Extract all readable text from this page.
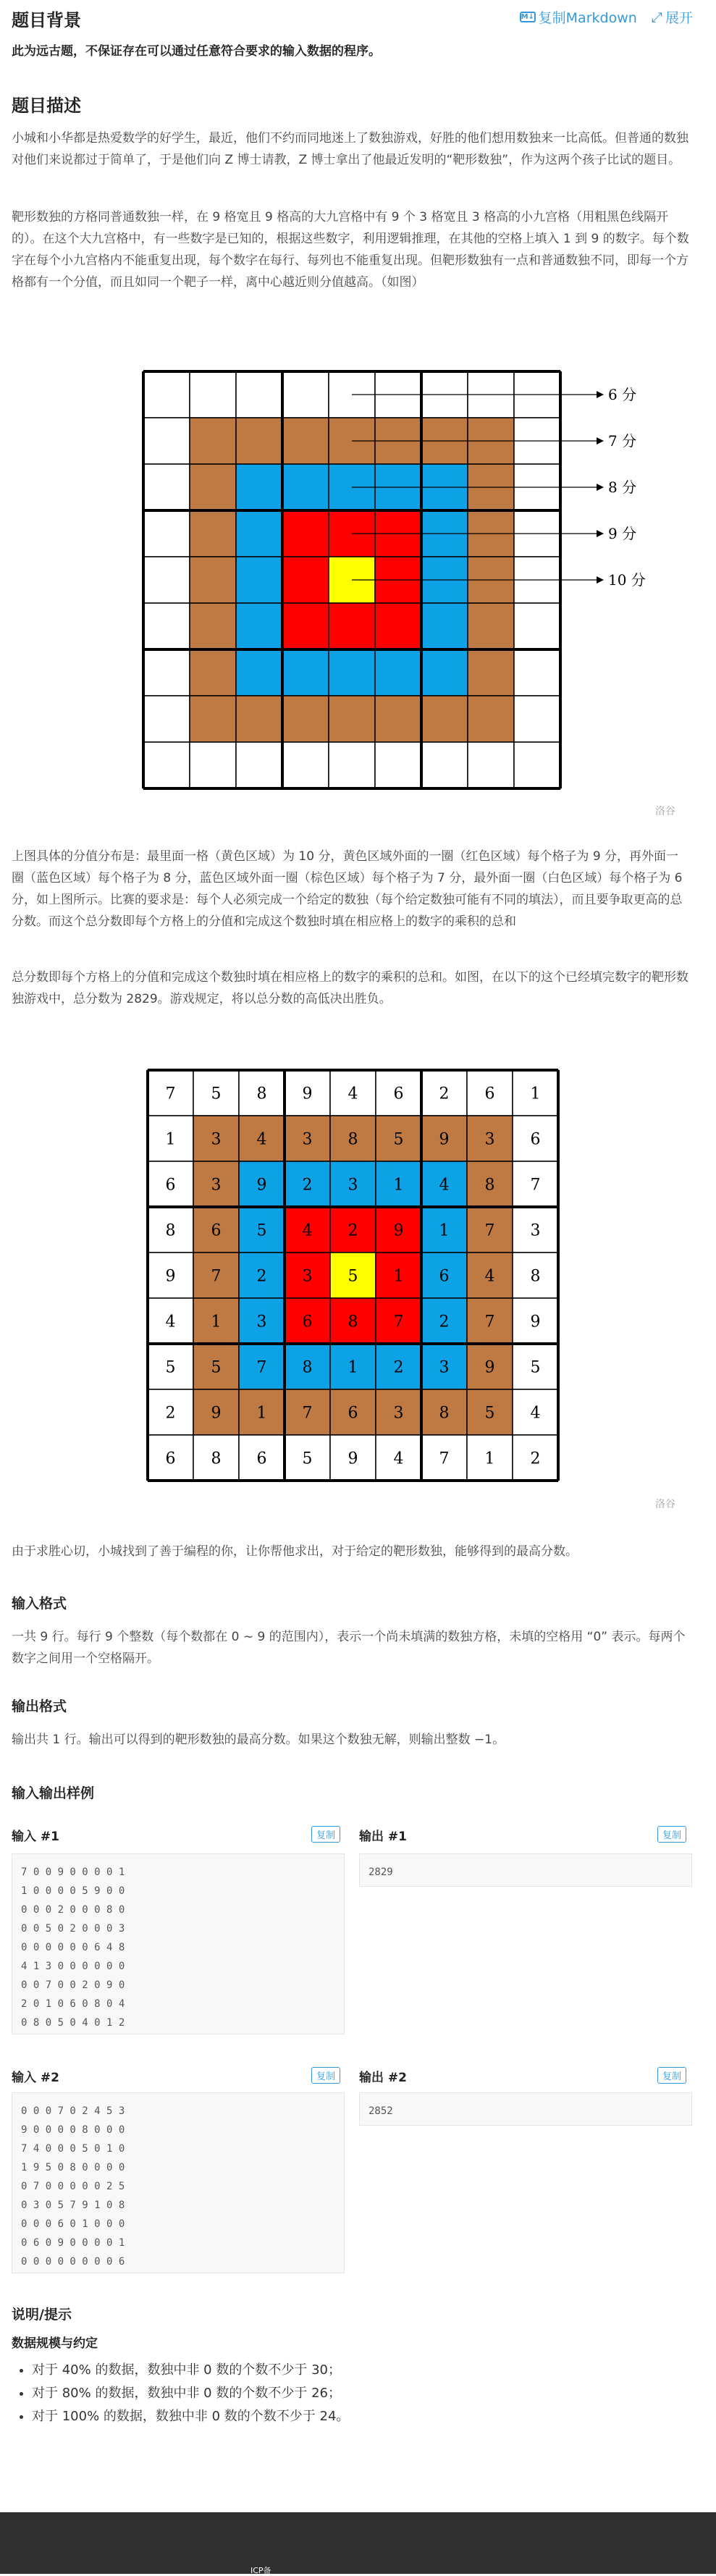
题目背景	M↓ 复制Markdown ⤢ 展开

此为远古题，不保证存在可以通过任意符合要求的输入数据的程序。

题目描述

小城和小华都是热爱数学的好学生，最近，他们不约而同地迷上了数独游戏，好胜的他们想用数独来一比高低。但普通的数独对他们来说都过于简单了，于是他们向 Z 博士请教，Z 博士拿出了他最近发明的“靶形数独”，作为这两个孩子比试的题目。

靶形数独的方格同普通数独一样，在 9 格宽且 9 格高的大九宫格中有 9 个 3 格宽且 3 格高的小九宫格（用粗黑色线隔开的）。在这个大九宫格中，有一些数字是已知的，根据这些数字，利用逻辑推理，在其他的空格上填入 1 到 9 的数字。每个数字在每个小九宫格内不能重复出现，每个数字在每行、每列也不能重复出现。但靶形数独有一点和普通数独不同，即每一个方格都有一个分值，而且如同一个靶子一样，离中心越近则分值越高。（如图）

6 分
7 分
8 分
9 分
10 分
洛谷

上图具体的分值分布是：最里面一格（黄色区域）为 10 分，黄色区域外面的一圈（红色区域）每个格子为 9 分，再外面一圈（蓝色区域）每个格子为 8 分，蓝色区域外面一圈（棕色区域）每个格子为 7 分，最外面一圈（白色区域）每个格子为 6 分，如上图所示。比赛的要求是：每个人必须完成一个给定的数独（每个给定数独可能有不同的填法），而且要争取更高的总分数。而这个总分数即每个方格上的分值和完成这个数独时填在相应格上的数字的乘积的总和

总分数即每个方格上的分值和完成这个数独时填在相应格上的数字的乘积的总和。如图，在以下的这个已经填完数字的靶形数独游戏中，总分数为 2829。游戏规定，将以总分数的高低决出胜负。

7 5 8 9 4 6 2 6 1
1 3 4 3 8 5 9 3 6
6 3 9 2 3 1 4 8 7
8 6 5 4 2 9 1 7 3
9 7 2 3 5 1 6 4 8
4 1 3 6 8 7 2 7 9
5 5 7 8 1 2 3 9 5
2 9 1 7 6 3 8 5 4
6 8 6 5 9 4 7 1 2
洛谷

由于求胜心切，小城找到了善于编程的你，让你帮他求出，对于给定的靶形数独，能够得到的最高分数。

输入格式

一共 9 行。每行 9 个整数（每个数都在 0 ∼ 9 的范围内），表示一个尚未填满的数独方格，未填的空格用 “0” 表示。每两个数字之间用一个空格隔开。

输出格式

输出共 1 行。输出可以得到的靶形数独的最高分数。如果这个数独无解，则输出整数 −1。

输入输出样例
输入 #1	复制
7 0 0 9 0 0 0 0 1
1 0 0 0 0 5 9 0 0
0 0 0 2 0 0 0 8 0
0 0 5 0 2 0 0 0 3
0 0 0 0 0 0 6 4 8
4 1 3 0 0 0 0 0 0
0 0 7 0 0 2 0 9 0
2 0 1 0 6 0 8 0 4
0 8 0 5 0 4 0 1 2
输出 #1	复制
2829
输入 #2	复制
0 0 0 7 0 2 4 5 3
9 0 0 0 0 8 0 0 0
7 4 0 0 0 5 0 1 0
1 9 5 0 8 0 0 0 0
0 7 0 0 0 0 0 2 5
0 3 0 5 7 9 1 0 8
0 0 0 6 0 1 0 0 0
0 6 0 9 0 0 0 0 1
0 0 0 0 0 0 0 0 6
输出 #2	复制
2852
说明/提示
数据规模与约定
• 对于 40% 的数据，数独中非 0 数的个数不少于 30；
• 对于 80% 的数据，数独中非 0 数的个数不少于 26；
• 对于 100% 的数据，数独中非 0 数的个数不少于 24。
ICP备
